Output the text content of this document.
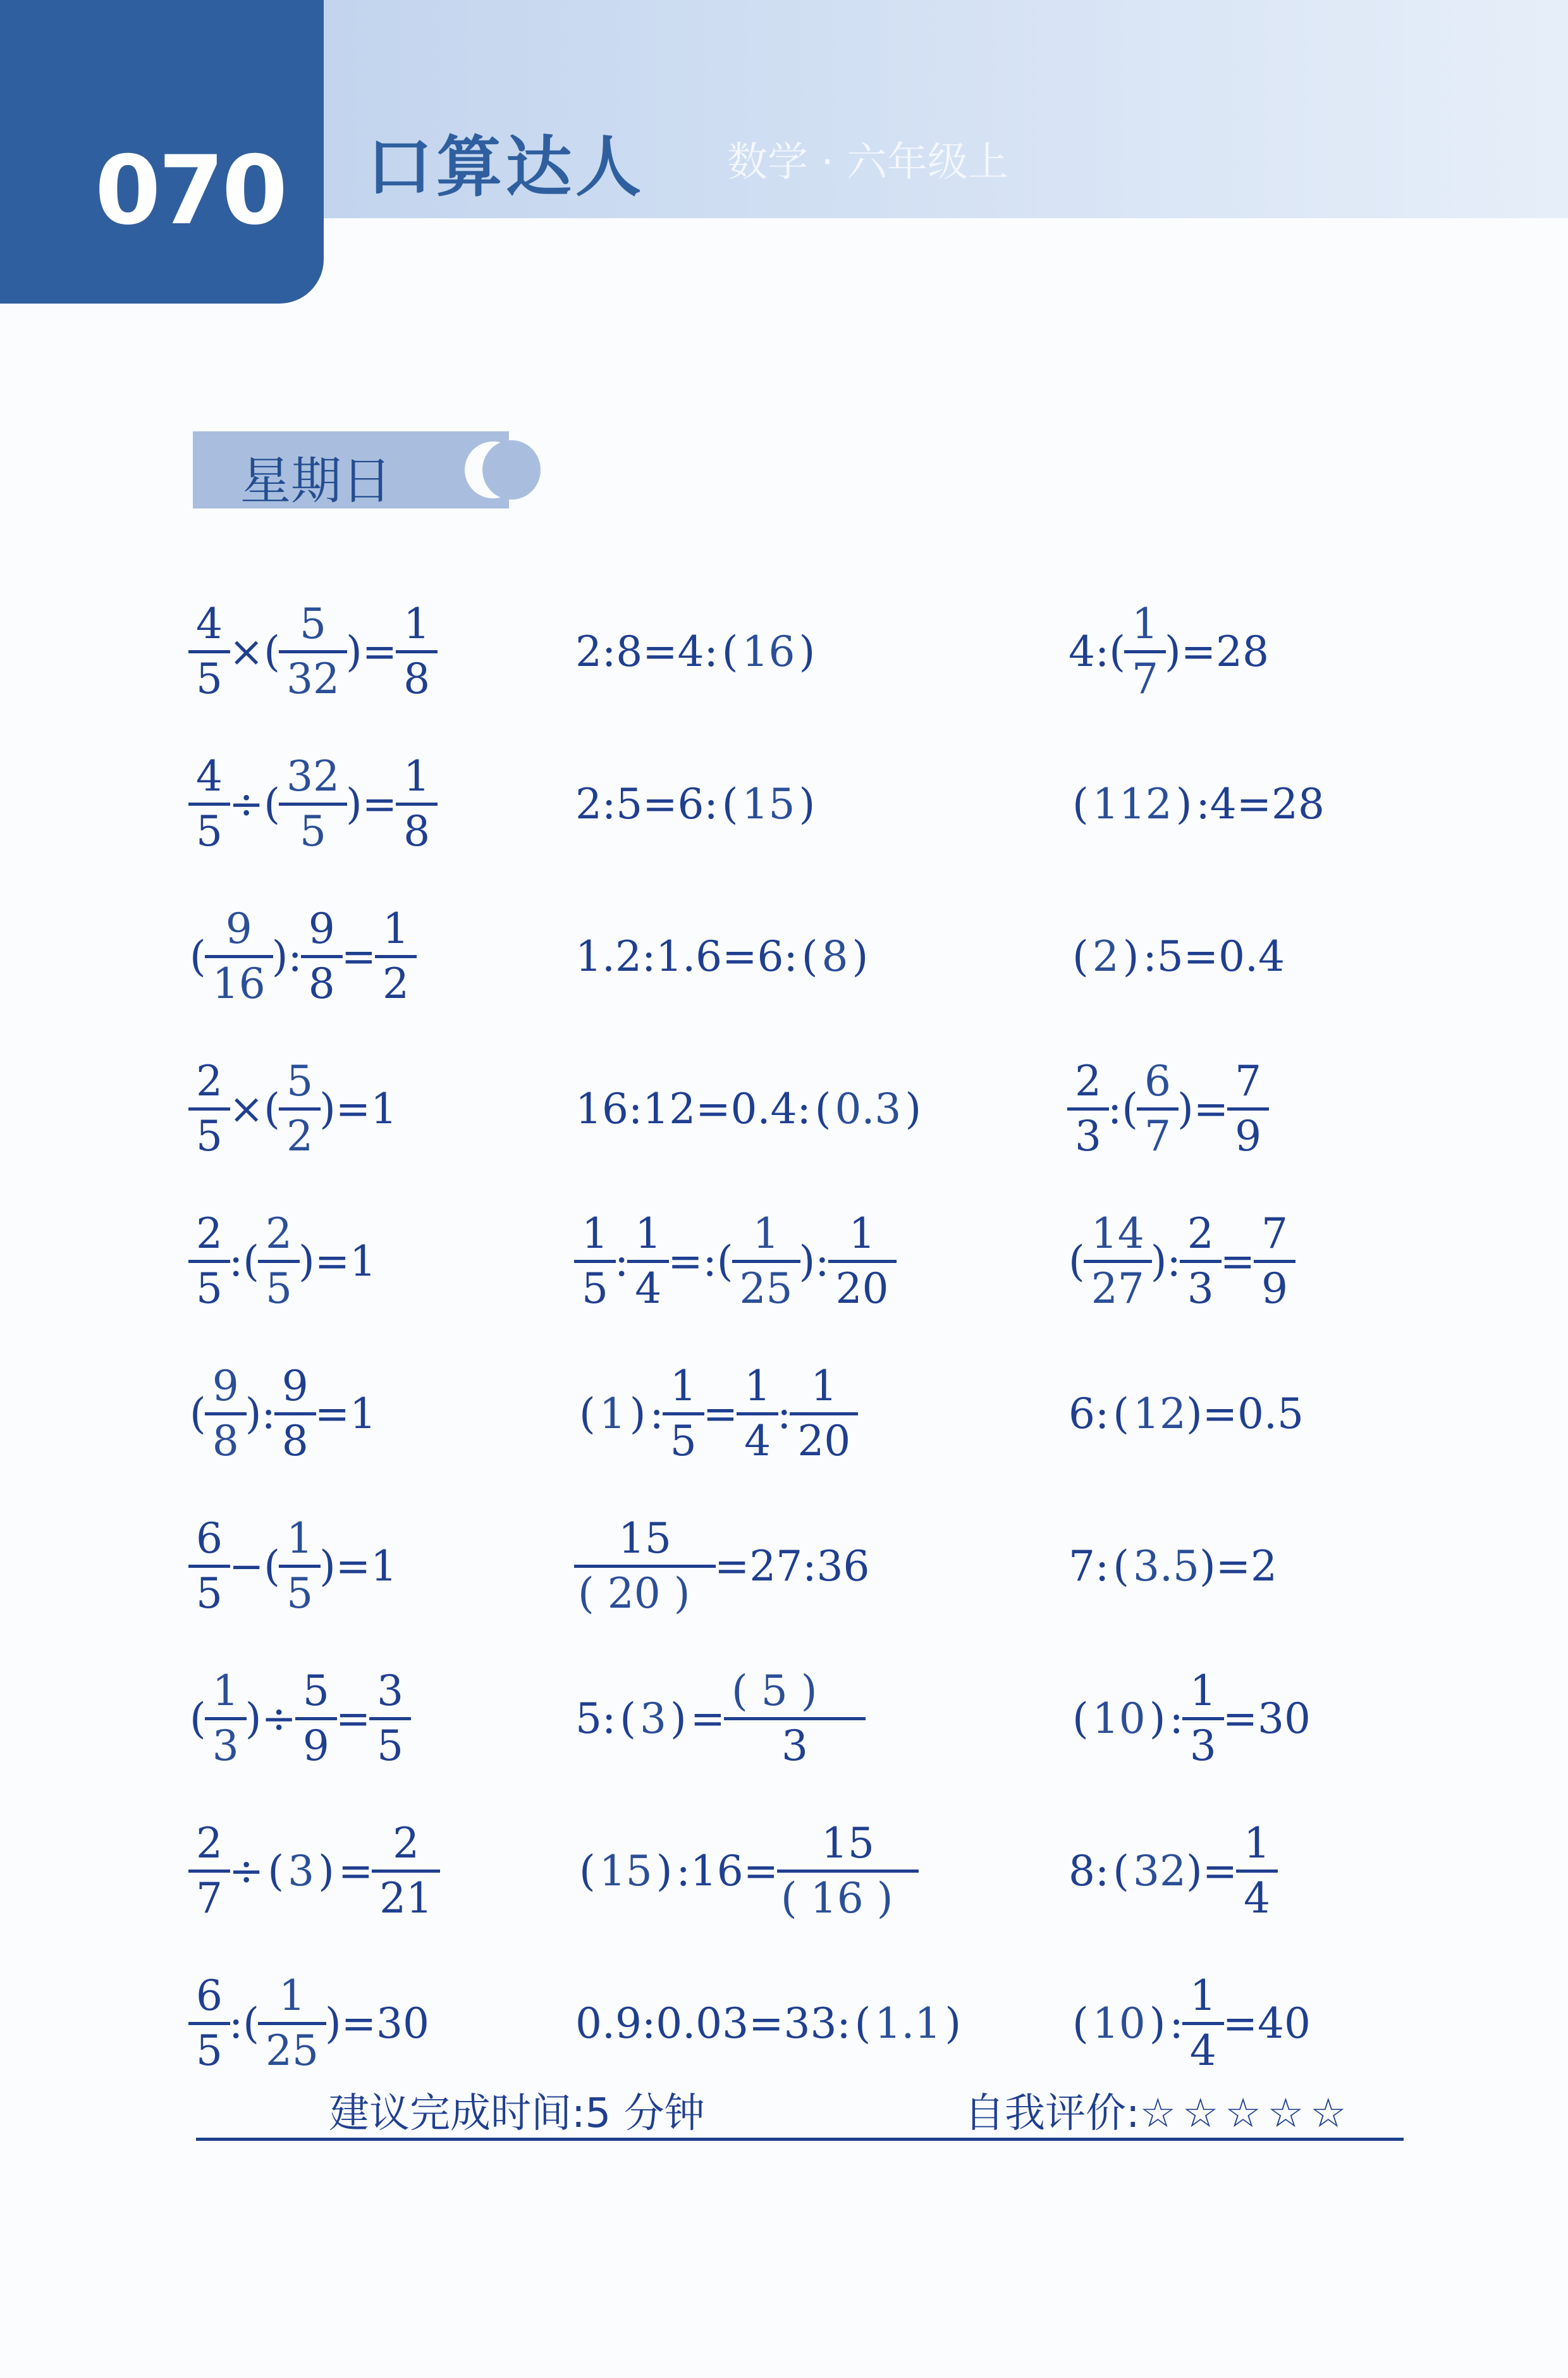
070 口算达人 数学 · 六年级上
星期日
$\frac{4}{5}$ ×( $\frac{5}{32}$ )= $\frac{1}{8}$	2:8=4: ( 16 )	4: ( $\frac{1}{7} )=28$
$\frac{4}{5}$ ÷( $\frac{32}{5}$ )= $\frac{1}{8}$	2:5=6: ( 15 )	( 112 ) :4=28
( $\frac{9}{16}$ ): $\frac{9}{8} = \frac{1}{2}$	1.2:1.6=6: ( 8 )	( 2 ) :5=0.4
$\frac{2}{5}$ ×( $\frac{5}{2} )=1$	16:12=0.4: ( 0.3 )	$\frac{2}{3}$ :( $\frac{6}{7}$ )= $\frac{7}{9}$
$\frac{2}{5}$ :( $\frac{2}{5} )=1$	$\frac{1}{5}$ : $\frac{1}{4}$ =:( $\frac{1}{25}$ ): $\frac{1}{20}$	( $\frac{14}{27}$ ): $\frac{2}{3} = \frac{7}{9}$
( $\frac{9}{8}$ ): $\frac{9}{8} =1$	( 1 ) : $\frac{1}{5} = \frac{1}{4}$ : $\frac{1}{20}$	6: ( 12 )=0.5
$\frac{6}{5}$ −( $\frac{1}{5} )=1$	$\frac{15}{( 20 )}$ =27:36	7: ( 3.5 )=2
( $\frac{1}{3}$ )÷ $\frac{5}{9} = \frac{3}{5}$	5: ( 3 ) = $\frac{( 5 )}{3}$	( 10 ) : $\frac{1}{3} =30$
$\frac{2}{7}$ ÷ ( 3 ) = $\frac{2}{21}$	( 15 ) :16= $\frac{15}{( 16 )}$	8: ( 32 )= $\frac{1}{4}$
$\frac{6}{5}$ :( $\frac{1}{25} )=30$	0.9:0.03=33: ( 1.1 )	( 10 ) : $\frac{1}{4} =40$
建议完成时间:5 分钟	自我评价:☆☆☆☆☆
